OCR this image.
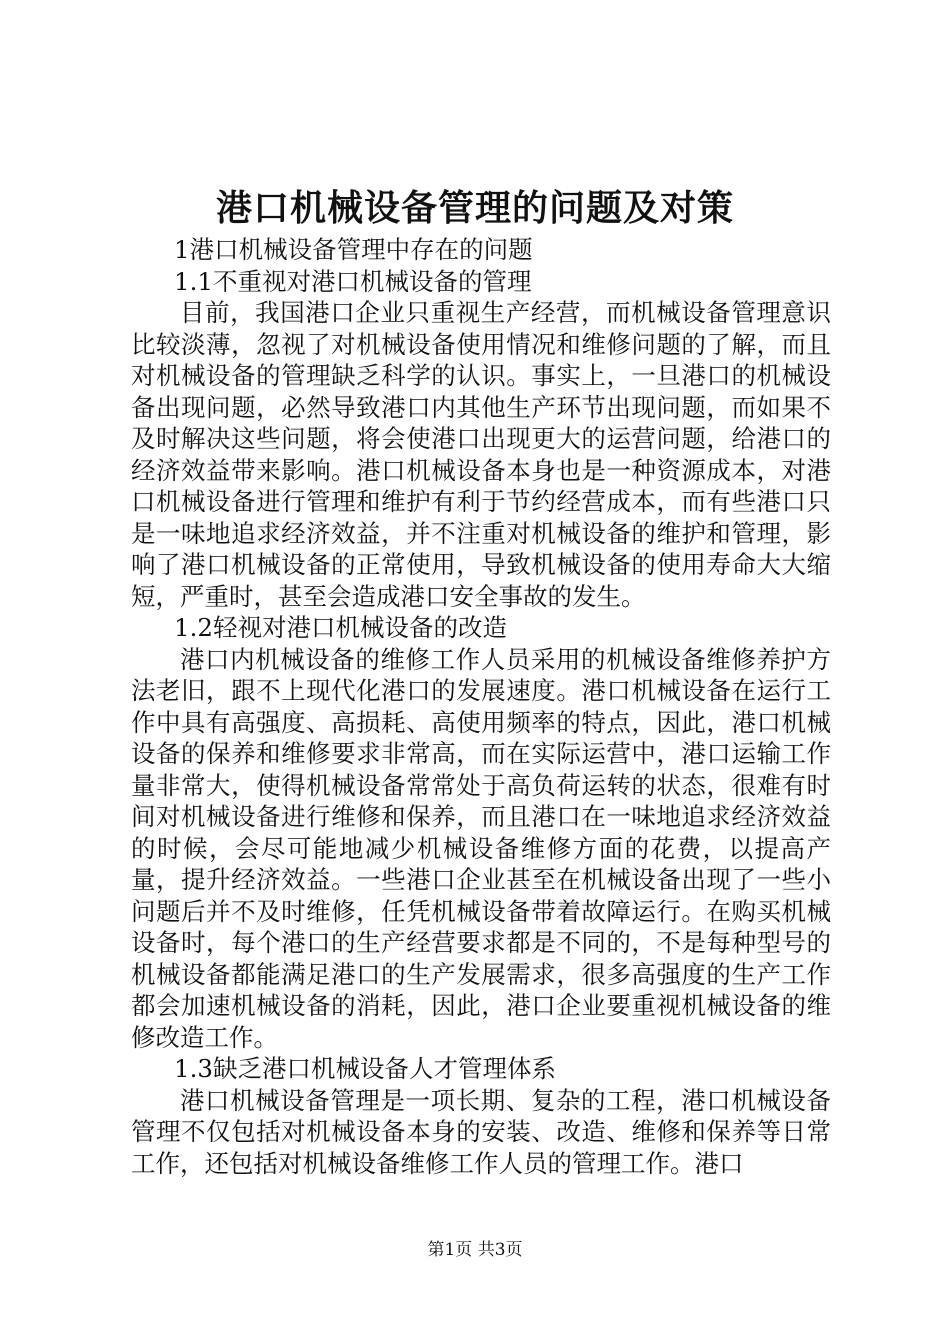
港口机械设备管理的问题及对策

1港口机械设备管理中存在的问题

1.1不重视对港口机械设备的管理

目前，我国港口企业只重视生产经营，而机械设备管理意识比较淡薄，忽视了对机械设备使用情况和维修问题的了解，而且对机械设备的管理缺乏科学的认识。事实上，一旦港口的机械设备出现问题，必然导致港口内其他生产环节出现问题，而如果不及时解决这些问题，将会使港口出现更大的运营问题，给港口的经济效益带来影响。港口机械设备本身也是一种资源成本，对港口机械设备进行管理和维护有利于节约经营成本，而有些港口只是一味地追求经济效益，并不注重对机械设备的维护和管理，影响了港口机械设备的正常使用，导致机械设备的使用寿命大大缩短，严重时，甚至会造成港口安全事故的发生。

1.2轻视对港口机械设备的改造

港口内机械设备的维修工作人员采用的机械设备维修养护方法老旧，跟不上现代化港口的发展速度。港口机械设备在运行工作中具有高强度、高损耗、高使用频率的特点，因此，港口机械设备的保养和维修要求非常高，而在实际运营中，港口运输工作量非常大，使得机械设备常常处于高负荷运转的状态，很难有时间对机械设备进行维修和保养，而且港口在一味地追求经济效益的时候，会尽可能地减少机械设备维修方面的花费，以提高产量，提升经济效益。一些港口企业甚至在机械设备出现了一些小问题后并不及时维修，任凭机械设备带着故障运行。在购买机械设备时，每个港口的生产经营要求都是不同的，不是每种型号的机械设备都能满足港口的生产发展需求，很多高强度的生产工作都会加速机械设备的消耗，因此，港口企业要重视机械设备的维修改造工作。

1.3缺乏港口机械设备人才管理体系

港口机械设备管理是一项长期、复杂的工程，港口机械设备管理不仅包括对机械设备本身的安装、改造、维修和保养等日常工作，还包括对机械设备维修工作人员的管理工作。港口

第1页 共3页
